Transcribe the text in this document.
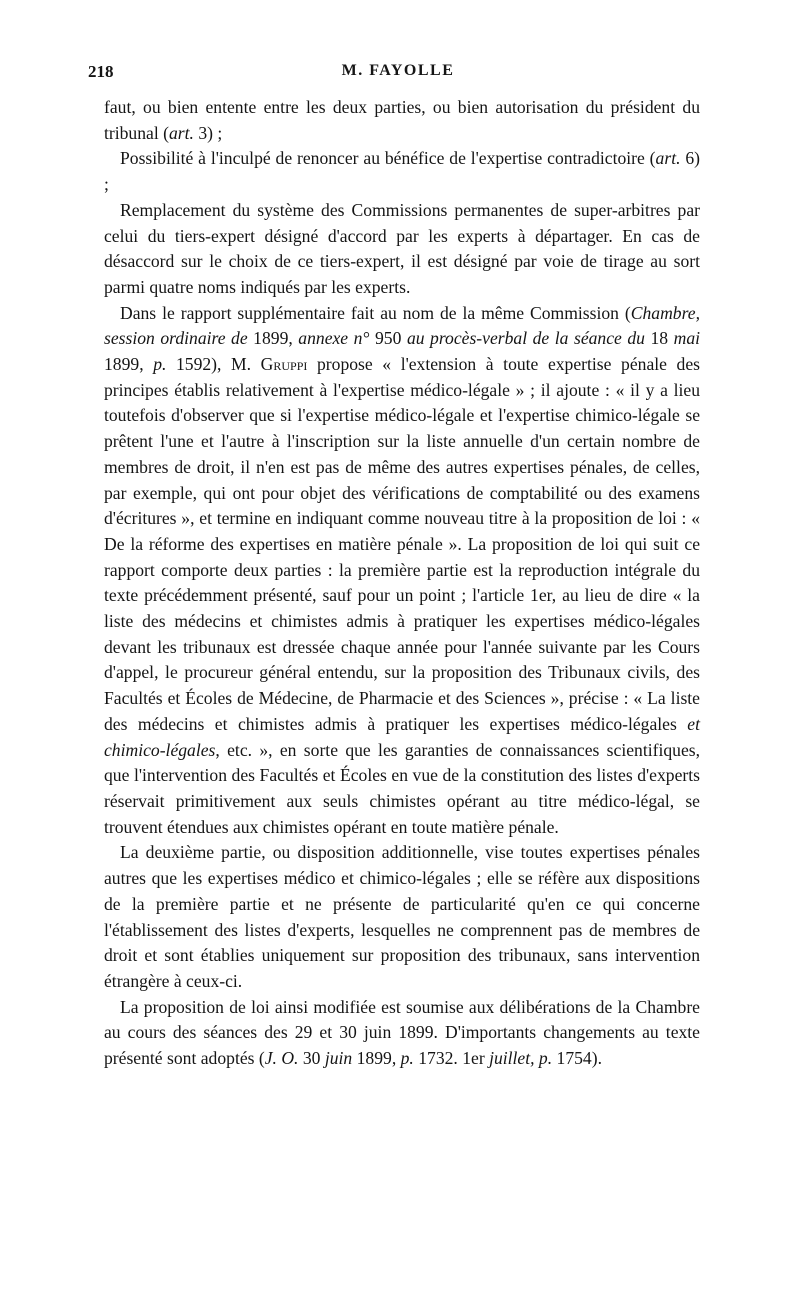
218	M. FAYOLLE

faut, ou bien entente entre les deux parties, ou bien autorisation du président du tribunal (art. 3) ;

Possibilité à l'inculpé de renoncer au bénéfice de l'expertise contradictoire (art. 6) ;

Remplacement du système des Commissions permanentes de super-arbitres par celui du tiers-expert désigné d'accord par les experts à départager. En cas de désaccord sur le choix de ce tiers-expert, il est désigné par voie de tirage au sort parmi quatre noms indiqués par les experts.

Dans le rapport supplémentaire fait au nom de la même Commission (Chambre, session ordinaire de 1899, annexe n° 950 au procès-verbal de la séance du 18 mai 1899, p. 1592), M. Gruppi propose « l'extension à toute expertise pénale des principes établis relativement à l'expertise médico-légale » ; il ajoute : « il y a lieu toutefois d'observer que si l'expertise médico-légale et l'expertise chimico-légale se prêtent l'une et l'autre à l'inscription sur la liste annuelle d'un certain nombre de membres de droit, il n'en est pas de même des autres expertises pénales, de celles, par exemple, qui ont pour objet des vérifications de comptabilité ou des examens d'écritures », et termine en indiquant comme nouveau titre à la proposition de loi : « De la réforme des expertises en matière pénale ». La proposition de loi qui suit ce rapport comporte deux parties : la première partie est la reproduction intégrale du texte précédemment présenté, sauf pour un point ; l'article 1er, au lieu de dire « la liste des médecins et chimistes admis à pratiquer les expertises médico-légales devant les tribunaux est dressée chaque année pour l'année suivante par les Cours d'appel, le procureur général entendu, sur la proposition des Tribunaux civils, des Facultés et Écoles de Médecine, de Pharmacie et des Sciences », précise : « La liste des médecins et chimistes admis à pratiquer les expertises médico-légales et chimico-légales, etc. », en sorte que les garanties de connaissances scientifiques, que l'intervention des Facultés et Écoles en vue de la constitution des listes d'experts réservait primitivement aux seuls chimistes opérant au titre médico-légal, se trouvent étendues aux chimistes opérant en toute matière pénale.

La deuxième partie, ou disposition additionnelle, vise toutes expertises pénales autres que les expertises médico et chimico-légales ; elle se réfère aux dispositions de la première partie et ne présente de particularité qu'en ce qui concerne l'établissement des listes d'experts, lesquelles ne comprennent pas de membres de droit et sont établies uniquement sur proposition des tribunaux, sans intervention étrangère à ceux-ci.

La proposition de loi ainsi modifiée est soumise aux délibérations de la Chambre au cours des séances des 29 et 30 juin 1899. D'importants changements au texte présenté sont adoptés (J. O. 30 juin 1899, p. 1732. 1er juillet, p. 1754).
